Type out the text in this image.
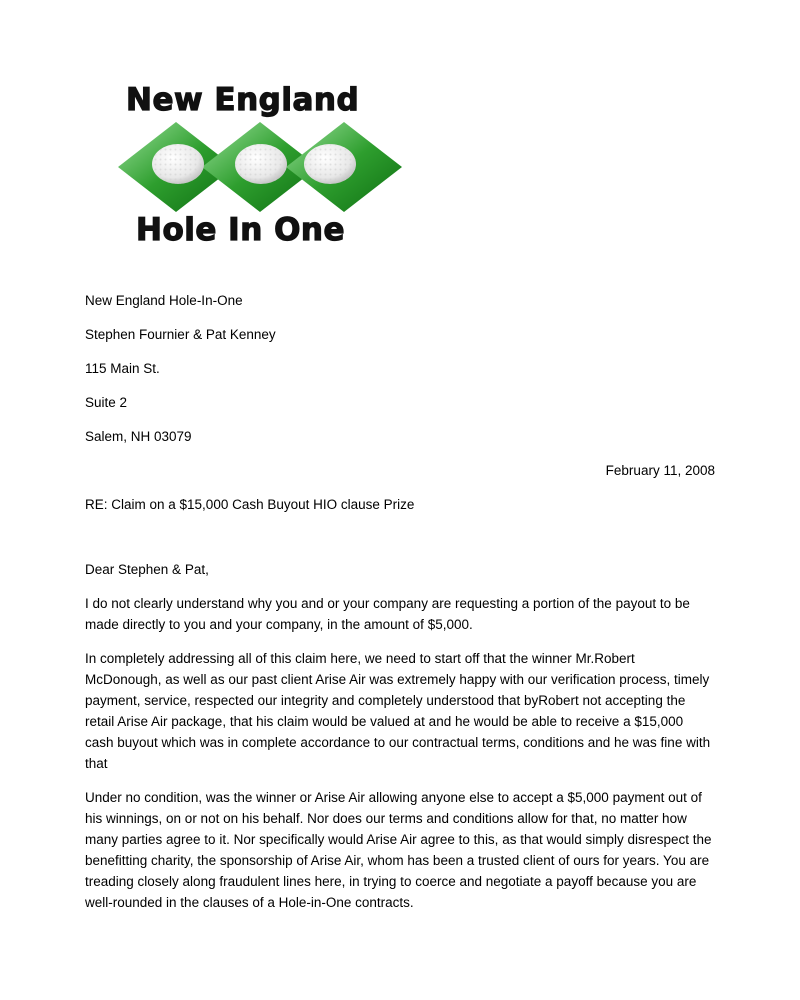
New England
Hole In One
New England Hole-In-One
Stephen Fournier & Pat Kenney
115 Main St.
Suite 2
Salem, NH 03079
February 11, 2008
RE: Claim on a $15,000 Cash Buyout HIO clause Prize
Dear Stephen & Pat,

I do not clearly understand why you and or your company are requesting a portion of the payout to be made directly to you and your company, in the amount of $5,000.

In completely addressing all of this claim here, we need to start off that the winner Mr.Robert McDonough, as well as our past client Arise Air was extremely happy with our verification process, timely payment, service, respected our integrity and completely understood that byRobert not accepting the retail Arise Air package, that his claim would be valued at and he would be able to receive a $15,000 cash buyout which was in complete accordance to our contractual terms, conditions and he was fine with that

Under no condition, was the winner or Arise Air allowing anyone else to accept a $5,000 payment out of his winnings, on or not on his behalf. Nor does our terms and conditions allow for that, no matter how many parties agree to it. Nor specifically would Arise Air agree to this, as that would simply disrespect the benefitting charity, the sponsorship of Arise Air, whom has been a trusted client of ours for years. You are treading closely along fraudulent lines here, in trying to coerce and negotiate a payoff because you are well-rounded in the clauses of a Hole-in-One contracts.
